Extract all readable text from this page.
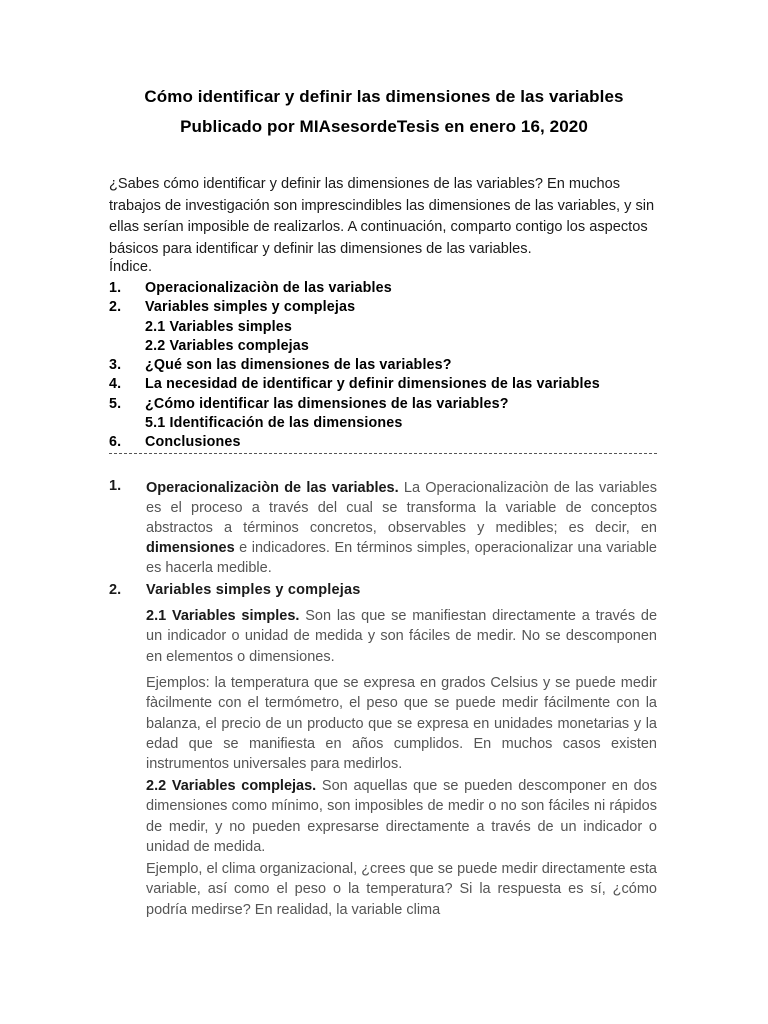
Cómo identificar y definir las dimensiones de las variables
Publicado por MIAsesordeTesis en enero 16, 2020
¿Sabes cómo identificar y definir las dimensiones de las variables? En muchos trabajos de investigación son imprescindibles las dimensiones de las variables, y sin ellas serían imposible de realizarlos. A continuación, comparto contigo los aspectos básicos para identificar y definir las dimensiones de las variables.
Índice.
1. Operacionalizaciòn de las variables
2. Variables simples y complejas
2.1 Variables simples
2.2 Variables complejas
3. ¿Qué son las dimensiones de las variables?
4. La necesidad de identificar y definir dimensiones de las variables
5. ¿Cómo identificar las dimensiones de las variables?
5.1 Identificación de las dimensiones
6. Conclusiones
1. Operacionalizaciòn de las variables. La Operacionalizaciòn de las variables es el proceso a través del cual se transforma la variable de conceptos abstractos a términos concretos, observables y medibles; es decir, en dimensiones e indicadores. En términos simples, operacionalizar una variable es hacerla medible.
2. Variables simples y complejas
2.1 Variables simples. Son las que se manifiestan directamente a través de un indicador o unidad de medida y son fáciles de medir. No se descomponen en elementos o dimensiones.
Ejemplos: la temperatura que se expresa en grados Celsius y se puede medir fàcilmente con el termómetro, el peso que se puede medir fácilmente con la balanza, el precio de un producto que se expresa en unidades monetarias y la edad que se manifiesta en años cumplidos. En muchos casos existen instrumentos universales para medirlos.
2.2 Variables complejas. Son aquellas que se pueden descomponer en dos dimensiones como mínimo, son imposibles de medir o no son fáciles ni rápidos de medir, y no pueden expresarse directamente a través de un indicador o unidad de medida.
Ejemplo, el clima organizacional, ¿crees que se puede medir directamente esta variable, así como el peso o la temperatura? Si la respuesta es sí, ¿cómo podría medirse? En realidad, la variable clima
